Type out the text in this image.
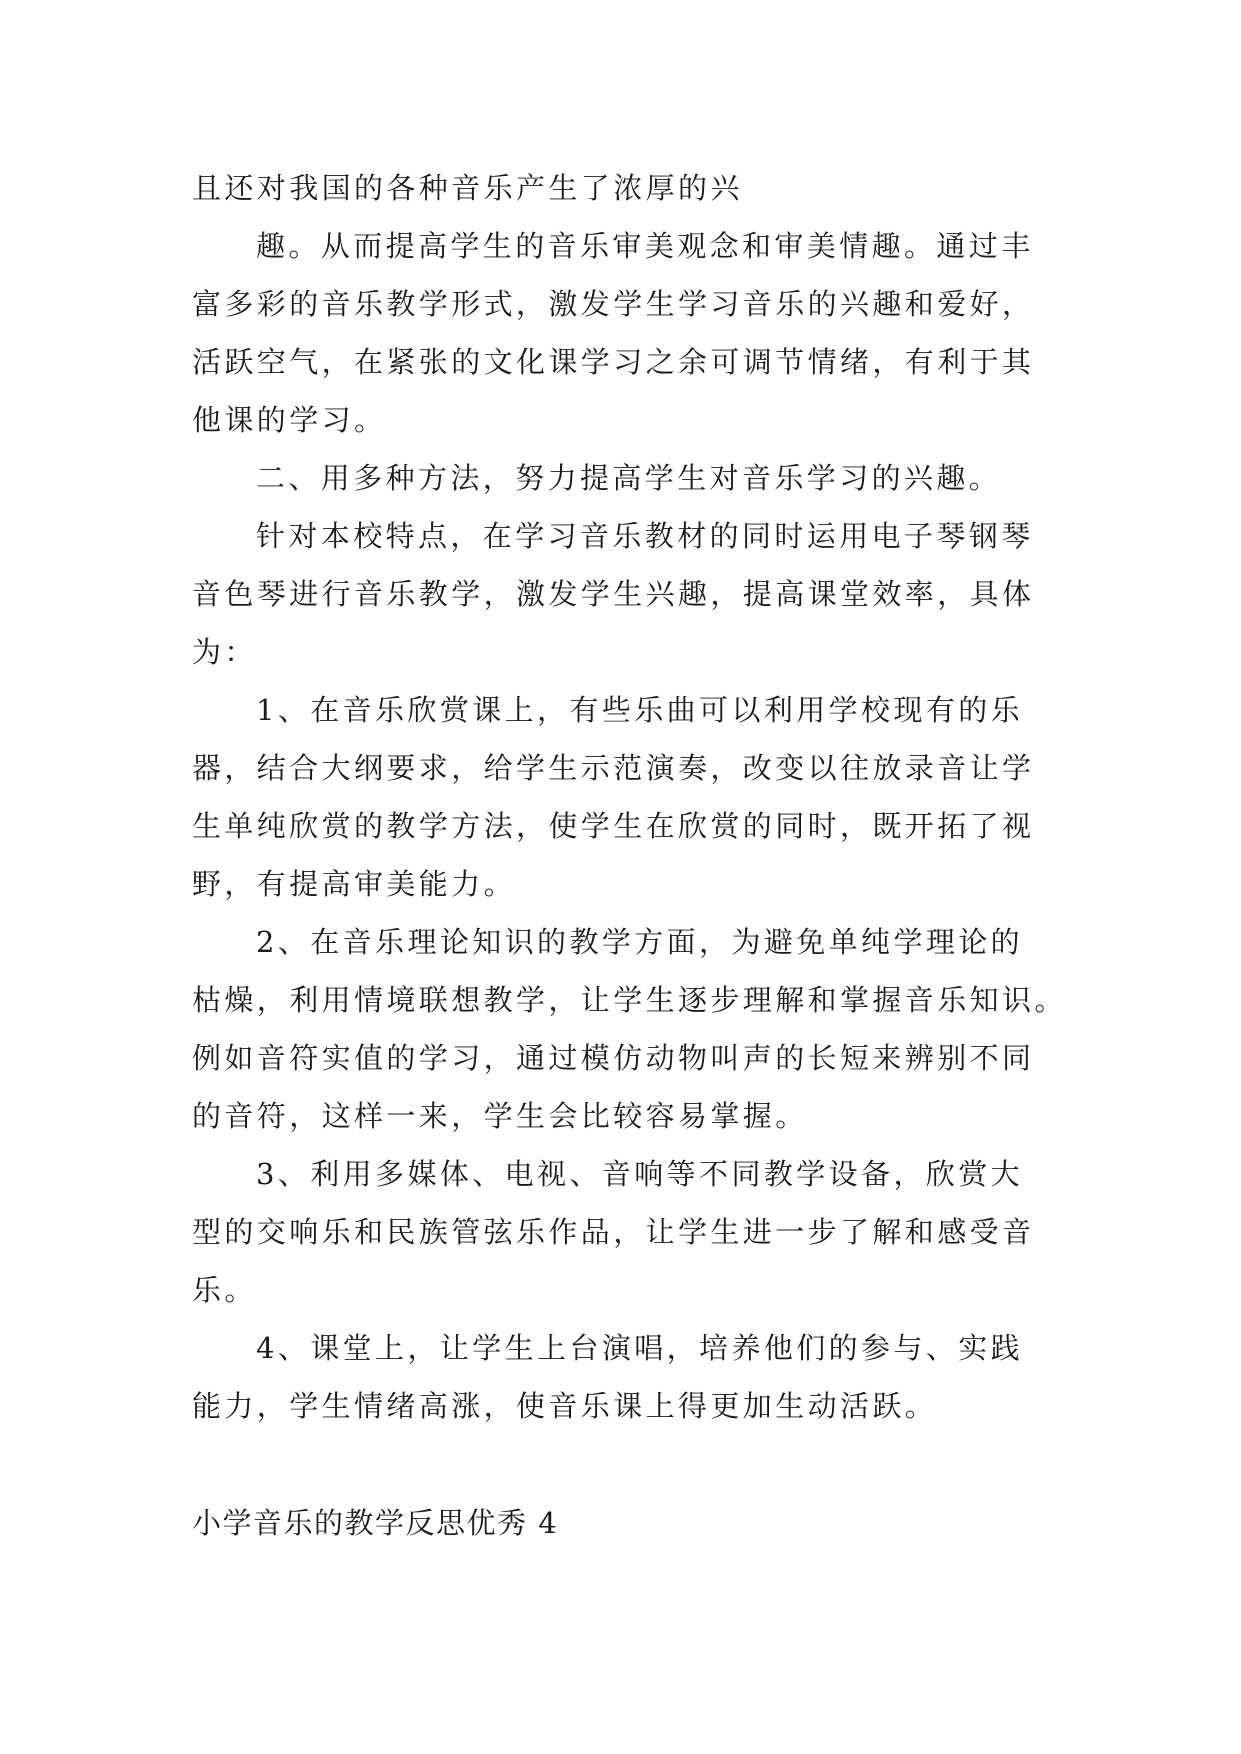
且还对我国的各种音乐产生了浓厚的兴
趣。从而提高学生的音乐审美观念和审美情趣。通过丰
富多彩的音乐教学形式，激发学生学习音乐的兴趣和爱好，
活跃空气，在紧张的文化课学习之余可调节情绪，有利于其
他课的学习。
二、用多种方法，努力提高学生对音乐学习的兴趣。
针对本校特点，在学习音乐教材的同时运用电子琴钢琴
音色琴进行音乐教学，激发学生兴趣，提高课堂效率，具体
为：
1、在音乐欣赏课上，有些乐曲可以利用学校现有的乐
器，结合大纲要求，给学生示范演奏，改变以往放录音让学
生单纯欣赏的教学方法，使学生在欣赏的同时，既开拓了视
野，有提高审美能力。
2、在音乐理论知识的教学方面，为避免单纯学理论的
枯燥，利用情境联想教学，让学生逐步理解和掌握音乐知识。
例如音符实值的学习，通过模仿动物叫声的长短来辨别不同
的音符，这样一来，学生会比较容易掌握。
3、利用多媒体、电视、音响等不同教学设备，欣赏大
型的交响乐和民族管弦乐作品，让学生进一步了解和感受音
乐。
4、课堂上，让学生上台演唱，培养他们的参与、实践
能力，学生情绪高涨，使音乐课上得更加生动活跃。
小学音乐的教学反思优秀 4
